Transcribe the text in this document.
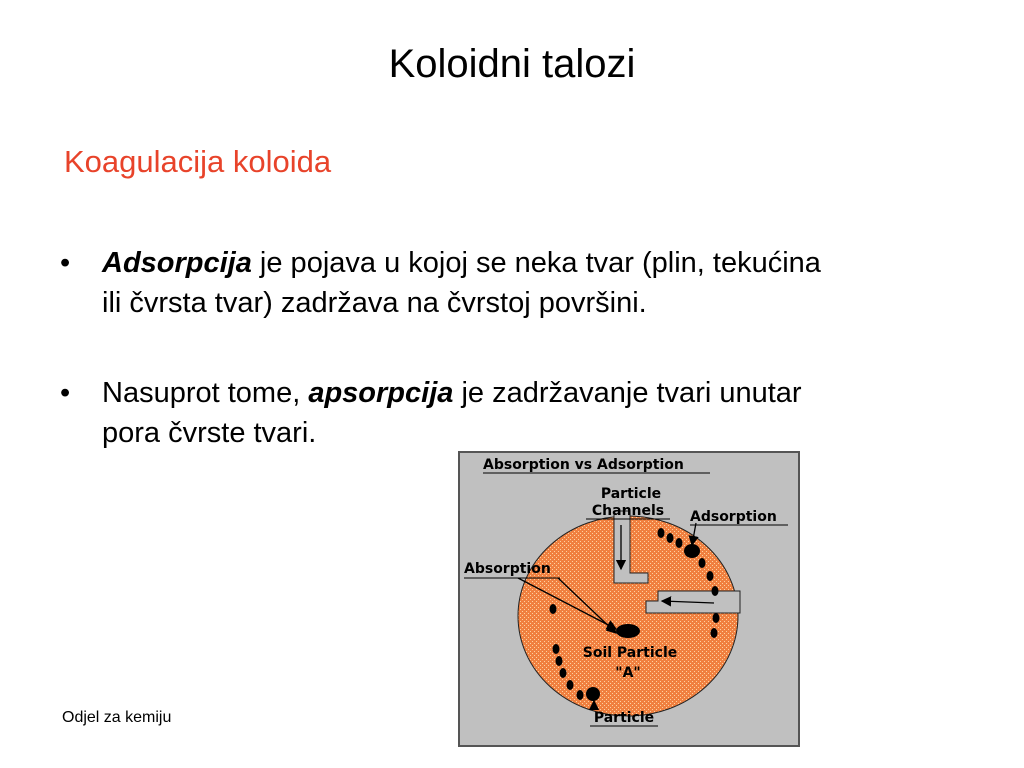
Koloidni talozi
Koagulacija koloida
• Adsorpcija je pojava u kojoj se neka tvar (plin, tekućina
ili čvrsta tvar) zadržava na čvrstoj površini.
• Nasuprot tome, apsorpcija je zadržavanje tvari unutar
pora čvrste tvari.
Odjel za kemiju
Absorption vs Adsorption
Particle
Channels Adsorption
Absorption
Soil Particle
"A"
Particle
